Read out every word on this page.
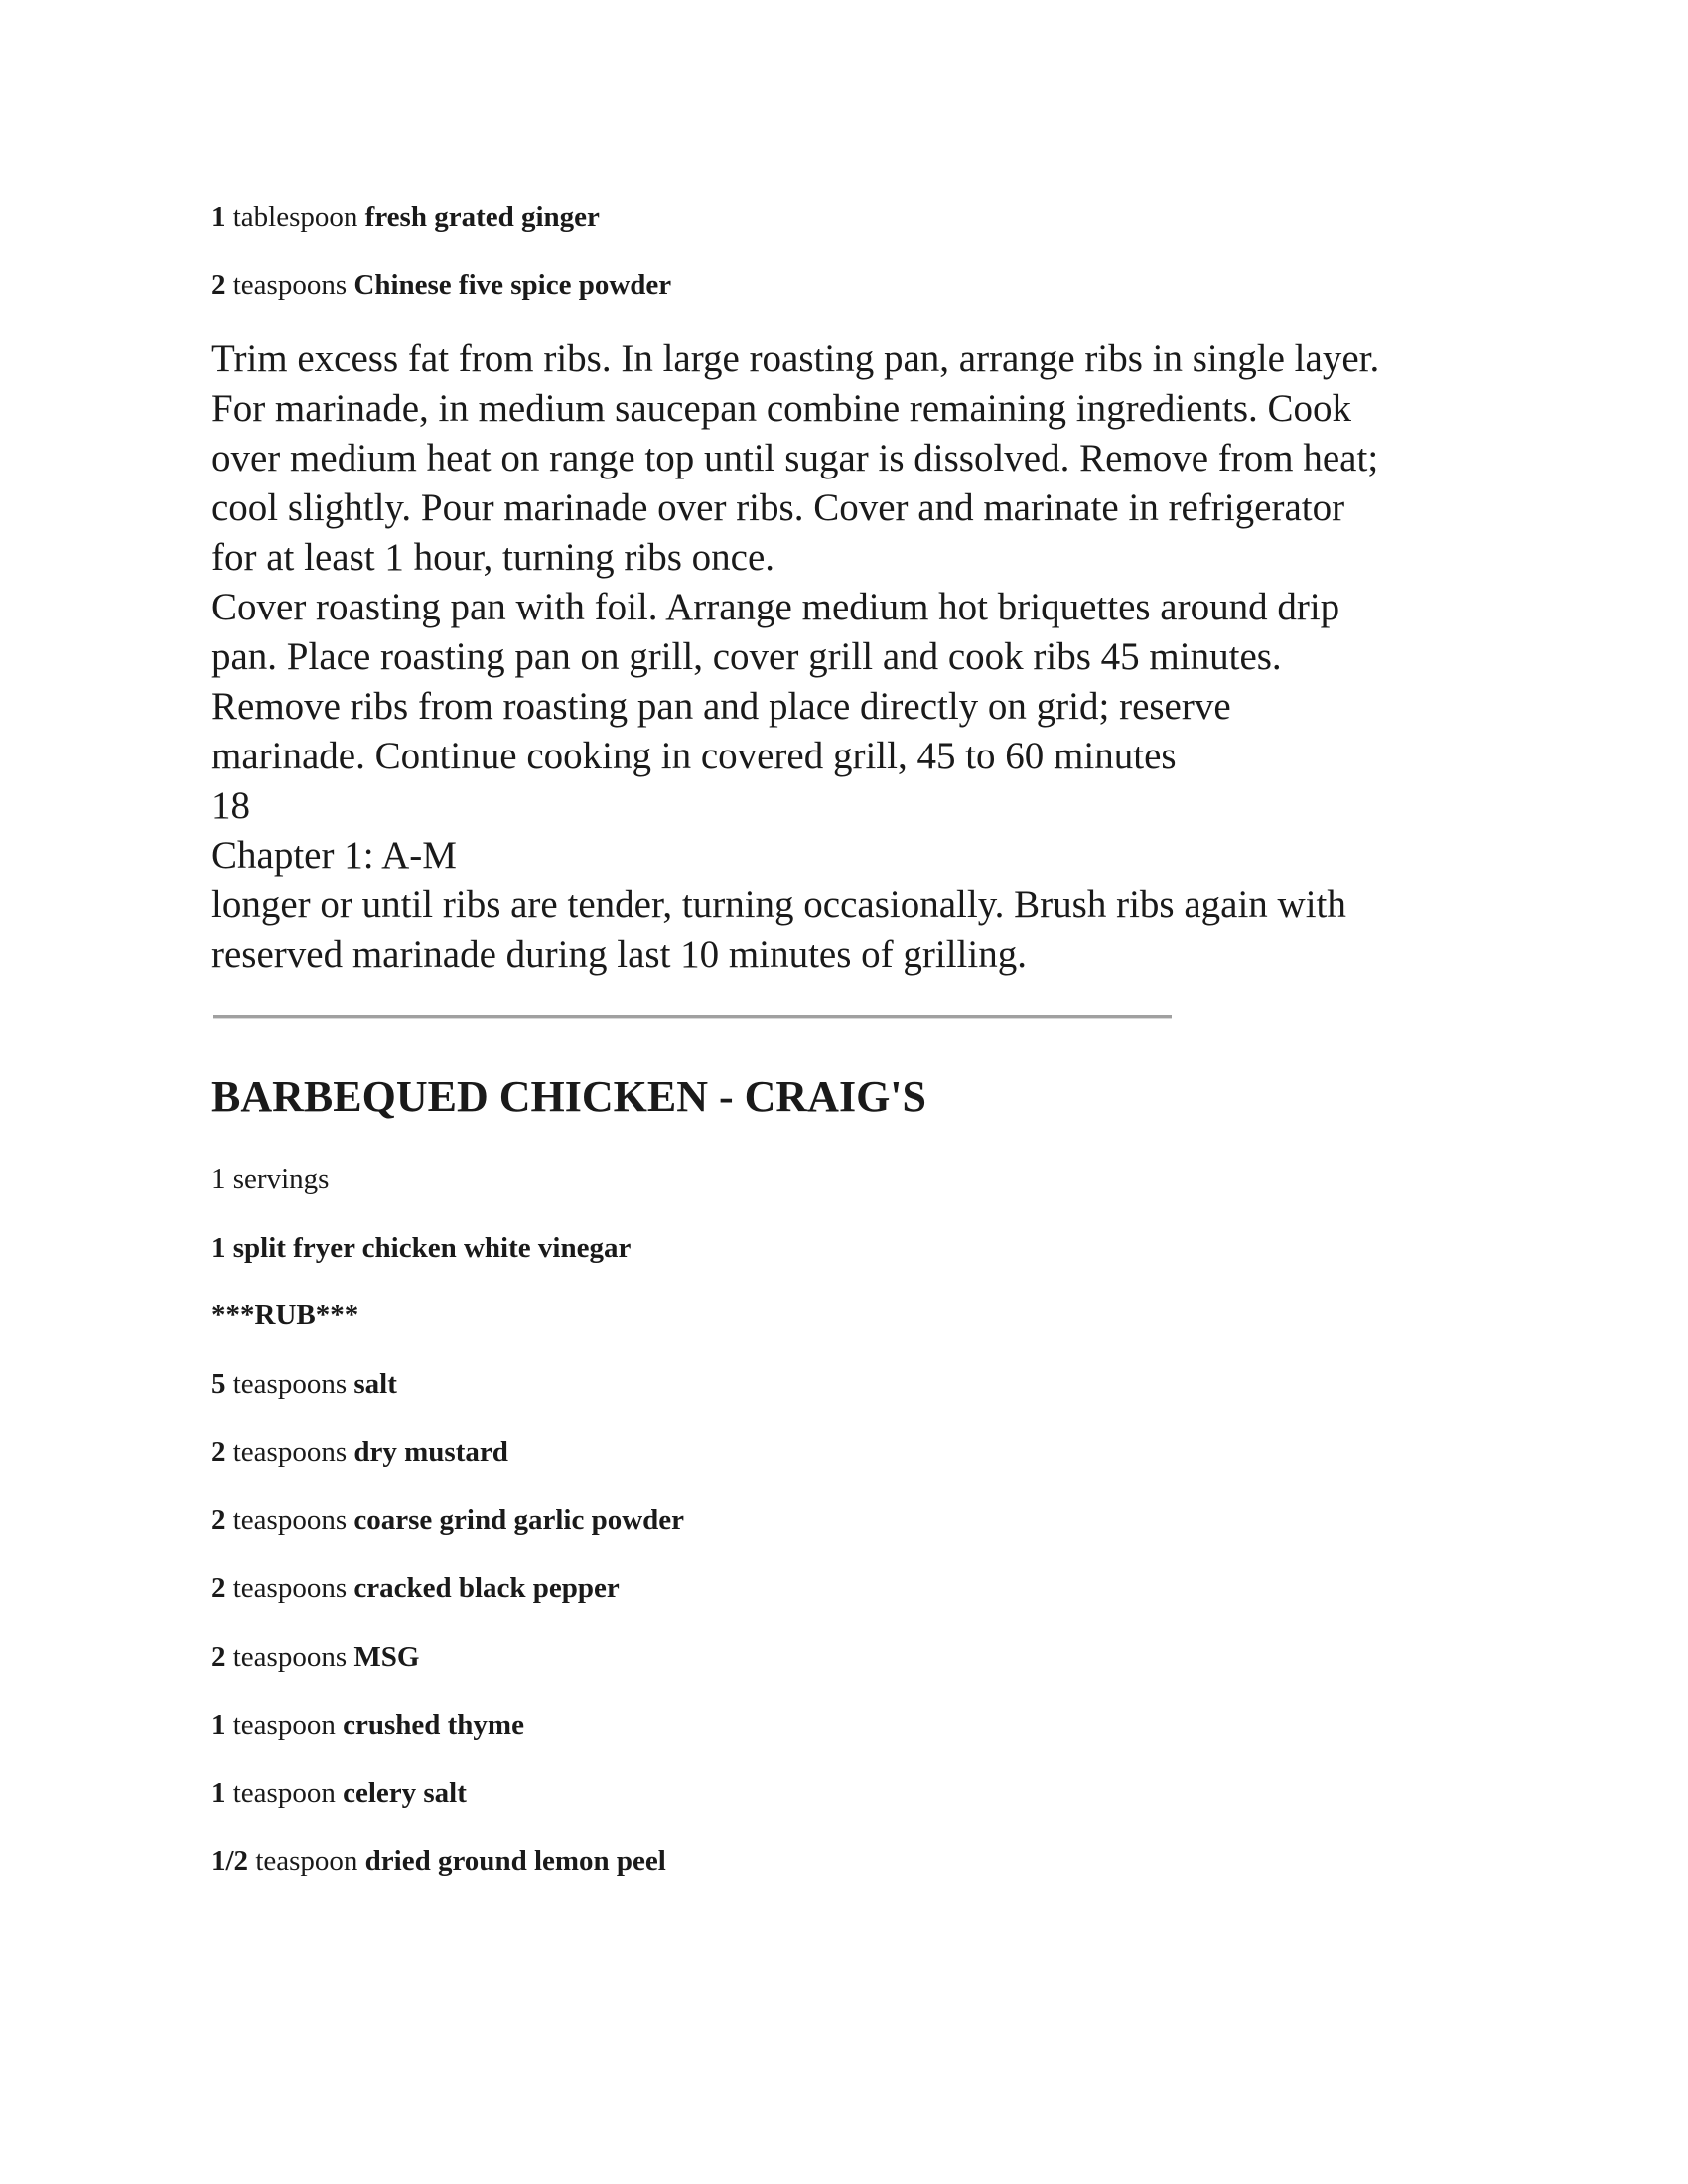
1 tablespoon fresh grated ginger
2 teaspoons Chinese five spice powder
Trim excess fat from ribs. In large roasting pan, arrange ribs in single layer.
For marinade, in medium saucepan combine remaining ingredients. Cook
over medium heat on range top until sugar is dissolved. Remove from heat;
cool slightly. Pour marinade over ribs. Cover and marinate in refrigerator
for at least 1 hour, turning ribs once.
Cover roasting pan with foil. Arrange medium hot briquettes around drip
pan. Place roasting pan on grill, cover grill and cook ribs 45 minutes.
Remove ribs from roasting pan and place directly on grid; reserve
marinade. Continue cooking in covered grill, 45 to 60 minutes
18
Chapter 1: A-M
longer or until ribs are tender, turning occasionally. Brush ribs again with
reserved marinade during last 10 minutes of grilling.
BARBEQUED CHICKEN - CRAIG'S
1 servings
1 split fryer chicken white vinegar
***RUB***
5 teaspoons salt
2 teaspoons dry mustard
2 teaspoons coarse grind garlic powder
2 teaspoons cracked black pepper
2 teaspoons MSG
1 teaspoon crushed thyme
1 teaspoon celery salt
1/2 teaspoon dried ground lemon peel
